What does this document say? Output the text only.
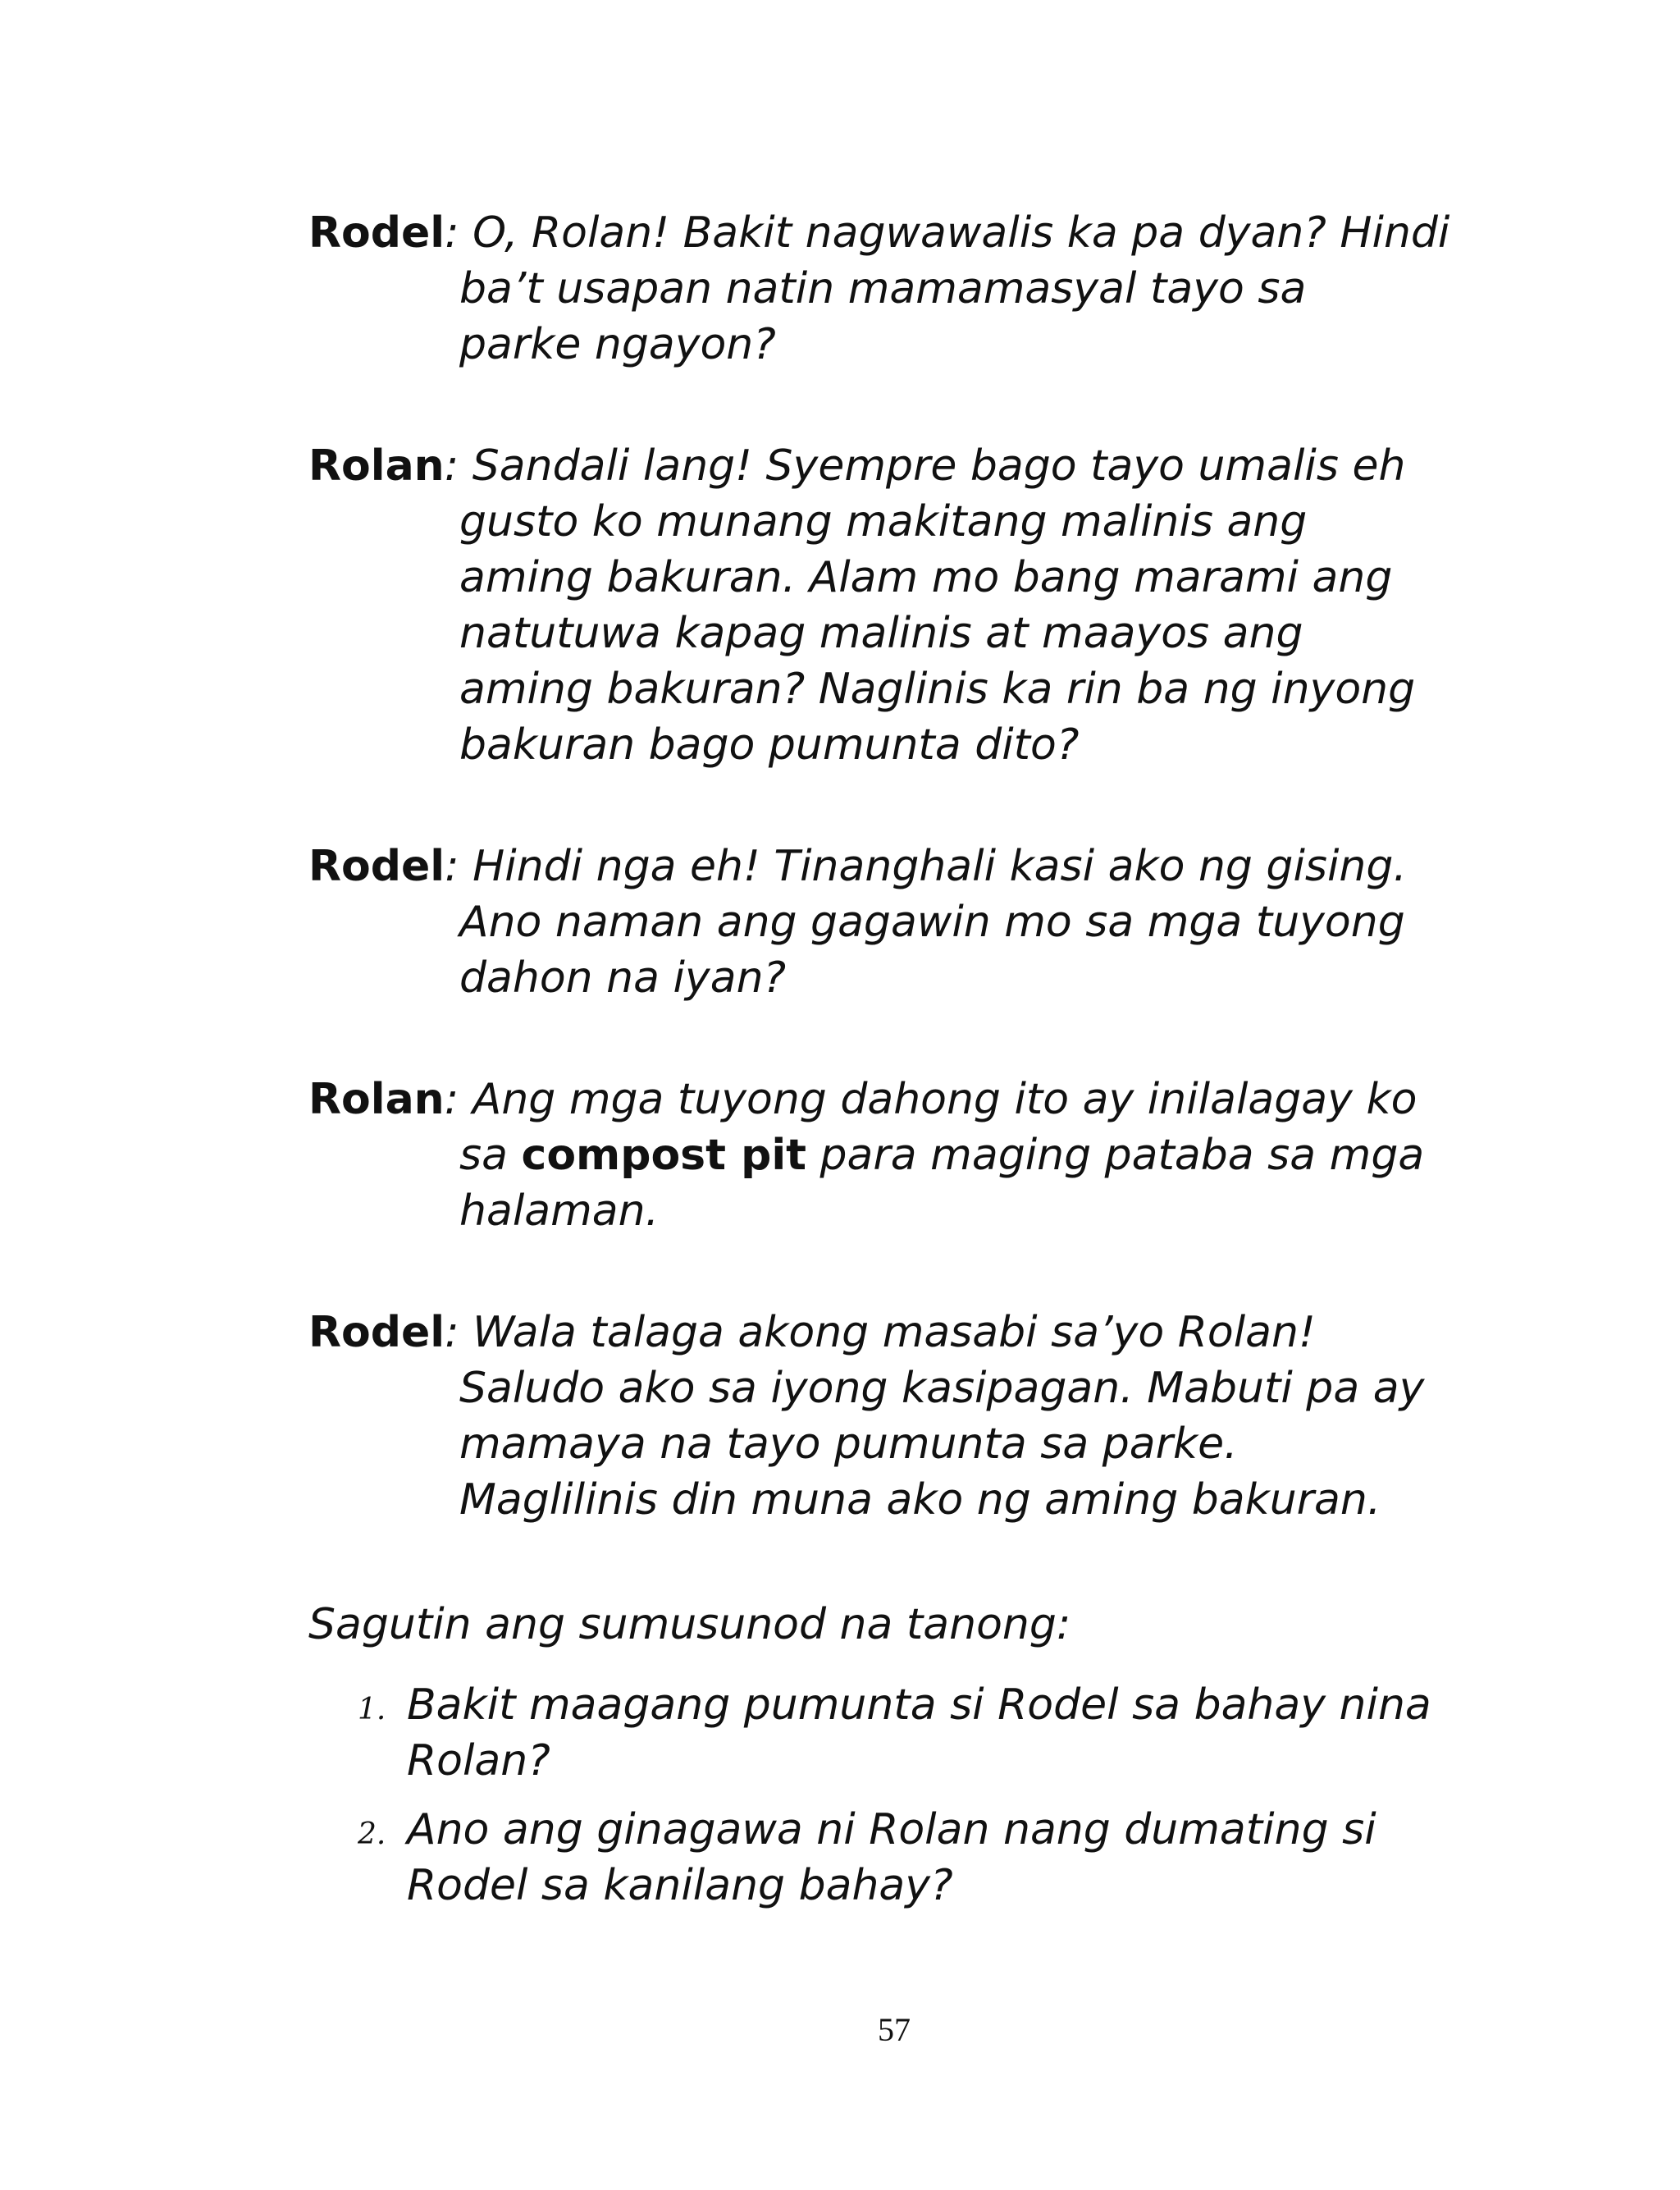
Rodel: O, Rolan! Bakit nagwawalis ka pa dyan? Hindi

ba’t usapan natin mamamasyal tayo sa

parke ngayon?

Rolan: Sandali lang! Syempre bago tayo umalis eh

gusto ko munang makitang malinis ang

aming bakuran. Alam mo bang marami ang

natutuwa kapag malinis at maayos ang

aming bakuran? Naglinis ka rin ba ng inyong

bakuran bago pumunta dito?

Rodel: Hindi nga eh! Tinanghali kasi ako ng gising.

Ano naman ang gagawin mo sa mga tuyong

dahon na iyan?

Rolan: Ang mga tuyong dahong ito ay inilalagay ko

sa compost pit para maging pataba sa mga

halaman.

Rodel: Wala talaga akong masabi sa’yo Rolan!

Saludo ako sa iyong kasipagan. Mabuti pa ay

mamaya na tayo pumunta sa parke.

Maglilinis din muna ako ng aming bakuran.

Sagutin ang sumusunod na tanong:

1. Bakit maagang pumunta si Rodel sa bahay nina
Rolan?
2. Ano ang ginagawa ni Rolan nang dumating si
Rodel sa kanilang bahay?
57
